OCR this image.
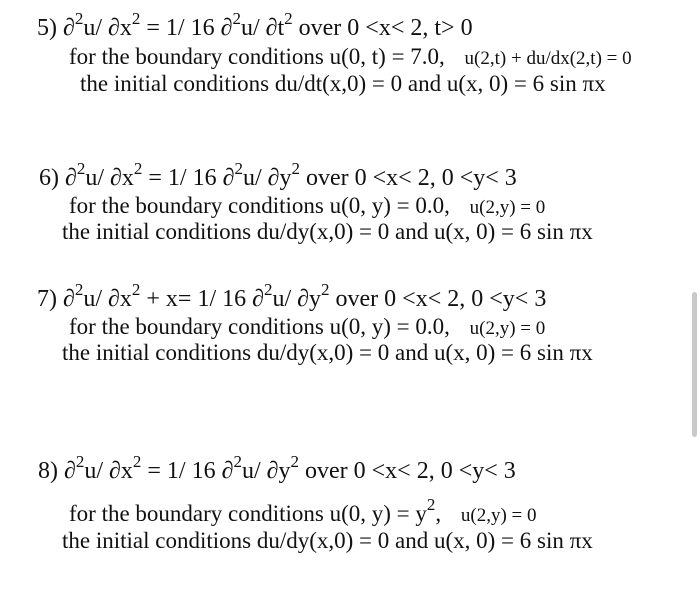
5) ∂$^2$u/ $\partial x^2 = 1/$ 16 ∂$^2$u/ $\partial t^2$ over 0 <x< 2, t> 0
for the boundary conditions u(0, t) = 7.0, u(2,t) + du/dx(2,t) = 0
the initial conditions du/dt(x,0) = 0 and u(x, 0) = 6 sin πx
6) ∂$^2$u/ $\partial x^2 = 1/$ 16 ∂$^2$u/ $\partial y^2$ over 0 <x< 2, 0 <y< 3
for the boundary conditions u(0, y) = 0.0, u(2,y) = 0
the initial conditions du/dy(x,0) = 0 and u(x, 0) = 6 sin πx
7) ∂$^2$u/ $\partial x^2 + x= 1/$ 16 ∂$^2$u/ $\partial y^2$ over 0 <x< 2, 0 <y< 3
for the boundary conditions u(0, y) = 0.0, u(2,y) = 0
the initial conditions du/dy(x,0) = 0 and u(x, 0) = 6 sin πx
8) ∂$^2$u/ $\partial x^2 = 1/$ 16 ∂$^2$u/ $\partial y^2$ over 0 <x< 2, 0 <y< 3
for the boundary conditions u(0, $y) = y^2$, u(2,y) = 0
the initial conditions du/dy(x,0) = 0 and u(x, 0) = 6 sin πx
